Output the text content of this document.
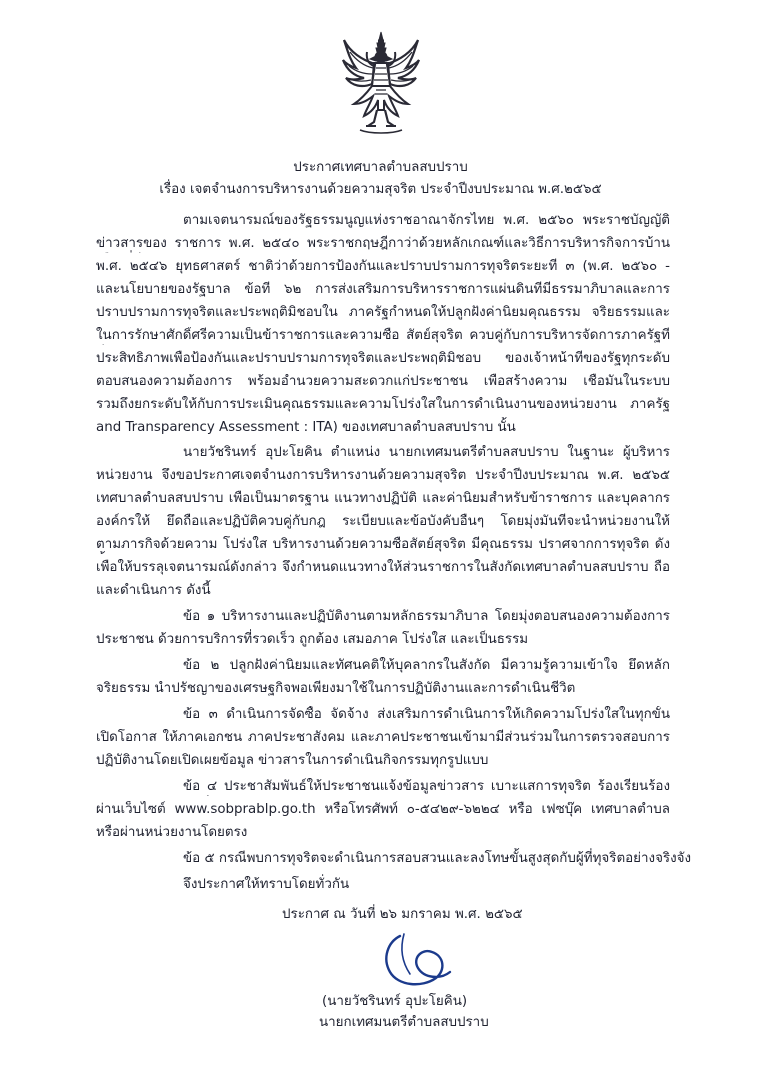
ประกาศเทศบาลตำบลสบปราบ
เรื่อง เจตจำนงการบริหารงานด้วยความสุจริต ประจำปีงบประมาณ พ.ศ.๒๕๖๕
ตามเจตนารมณ์ของรัฐธรรมนูญแห่งราชอาณาจักรไทย พ.ศ. ๒๕๖๐ พระราชบัญญัติ
ข่าวสารของ ราชการ พ.ศ. ๒๕๔๐ พระราชกฤษฎีกาว่าด้วยหลักเกณฑ์และวิธีการบริหารกิจการบ้าน
พ.ศ. ๒๕๔๖ ยุทธศาสตร์ ชาติว่าด้วยการป้องกันและปราบปรามการทุจริตระยะที่ ๓ (พ.ศ. ๒๕๖๐ -
และนโยบายของรัฐบาล ข้อที่ ๖๒ การส่งเสริมการบริหารราชการแผ่นดินที่มีธรรมาภิบาลและการ
ปราบปรามการทุจริตและประพฤติมิชอบใน ภาครัฐกำหนดให้ปลูกฝังค่านิยมคุณธรรม จริยธรรมและ
ในการรักษาศักดิ์ศรีความเป็นข้าราชการและความซื่อ สัตย์สุจริต ควบคู่กับการบริหารจัดการภาครัฐที่
ประสิทธิภาพเพื่อป้องกันและปราบปรามการทุจริตและประพฤติมิชอบ ของเจ้าหน้าที่ของรัฐทุกระดับ
ตอบสนองความต้องการ พร้อมอำนวยความสะดวกแก่ประชาชน เพื่อสร้างความ เชื่อมั่นในระบบ
รวมถึงยกระดับให้กับการประเมินคุณธรรมและความโปร่งใสในการดำเนินงานของหน่วยงาน ภาครัฐ
and Transparency Assessment : ITA) ของเทศบาลตำบลสบปราบ นั้น
นายวัชรินทร์ อุปะโยคิน ตำแหน่ง นายกเทศมนตรีตำบลสบปราบ ในฐานะ ผู้บริหาร
หน่วยงาน จึงขอประกาศเจตจำนงการบริหารงานด้วยความสุจริต ประจำปีงบประมาณ พ.ศ. ๒๕๖๕
เทศบาลตำบลสบปราบ เพื่อเป็นมาตรฐาน แนวทางปฏิบัติ และค่านิยมสำหรับข้าราชการ และบุคลากร
องค์กรให้ ยึดถือและปฏิบัติควบคู่กับกฎ ระเบียบและข้อบังคับอื่นๆ โดยมุ่งมั่นที่จะนำหน่วยงานให้
ตามภารกิจด้วยความ โปร่งใส บริหารงานด้วยความซื่อสัตย์สุจริต มีคุณธรรม ปราศจากการทุจริต ดัง
เพื่อให้บรรลุเจตนารมณ์ดังกล่าว จึงกำหนดแนวทางให้ส่วนราชการในสังกัดเทศบาลตำบลสบปราบ ถือ
และดำเนินการ ดังนี้
ข้อ ๑ บริหารงานและปฏิบัติงานตามหลักธรรมาภิบาล โดยมุ่งตอบสนองความต้องการ
ประชาชน ด้วยการบริการที่รวดเร็ว ถูกต้อง เสมอภาค โปร่งใส และเป็นธรรม
ข้อ ๒ ปลูกฝังค่านิยมและทัศนคติให้บุคลากรในสังกัด มีความรู้ความเข้าใจ ยึดหลัก
จริยธรรม นำปรัชญาของเศรษฐกิจพอเพียงมาใช้ในการปฏิบัติงานและการดำเนินชีวิต
ข้อ ๓ ดำเนินการจัดซื้อ จัดจ้าง ส่งเสริมการดำเนินการให้เกิดความโปร่งใสในทุกขั้น
เปิดโอกาส ให้ภาคเอกชน ภาคประชาสังคม และภาคประชาชนเข้ามามีส่วนร่วมในการตรวจสอบการ
ปฏิบัติงานโดยเปิดเผยข้อมูล ข่าวสารในการดำเนินกิจกรรมทุกรูปแบบ
ข้อ ๔ ประชาสัมพันธ์ให้ประชาชนแจ้งข้อมูลข่าวสาร เบาะแสการทุจริต ร้องเรียนร้อง
ผ่านเว็บไซต์ www.sobprablp.go.th หรือโทรศัพท์ ๐-๕๔๒๙-๖๒๒๔ หรือ เฟซบุ๊ค เทศบาลตำบล
หรือผ่านหน่วยงานโดยตรง
ข้อ ๕ กรณีพบการทุจริตจะดำเนินการสอบสวนและลงโทษขั้นสูงสุดกับผู้ที่ทุจริตอย่างจริงจัง
จึงประกาศให้ทราบโดยทั่วกัน
ประกาศ ณ วันที่ ๒๖ มกราคม พ.ศ. ๒๕๖๕
(นายวัชรินทร์ อุปะโยคิน)
นายกเทศมนตรีตำบลสบปราบ
